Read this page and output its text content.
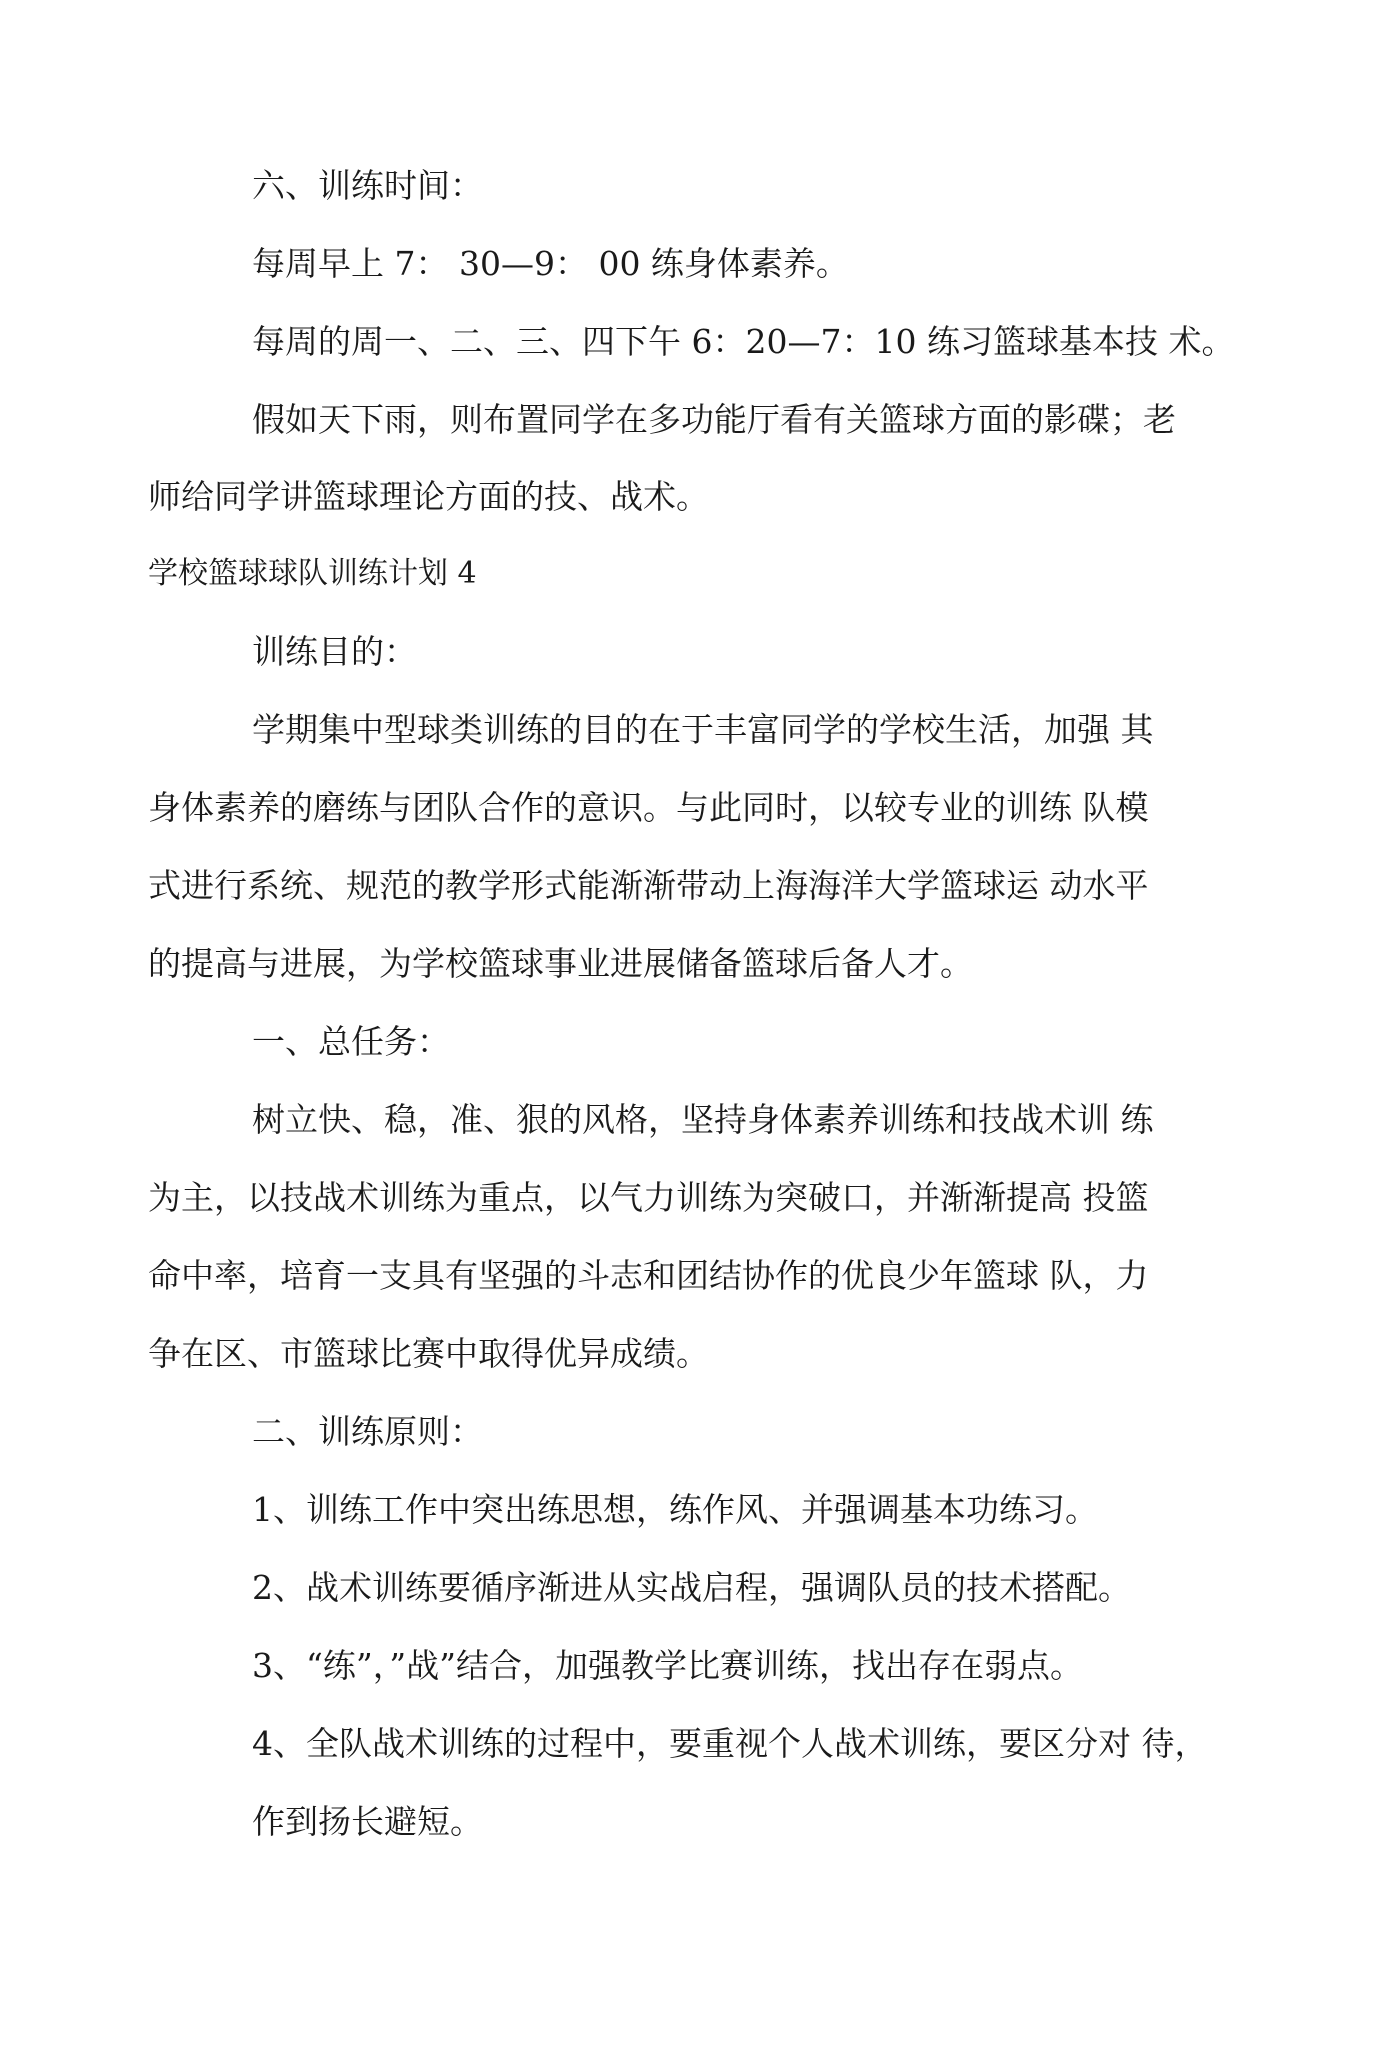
六、训练时间：
每周早上 7： 30—9： 00 练身体素养。
每周的周一、二、三、四下午 6：20—7：10 练习篮球基本技 术。
假如天下雨，则布置同学在多功能厅看有关篮球方面的影碟；老
师给同学讲篮球理论方面的技、战术。
学校篮球球队训练计划 4
训练目的：
学期集中型球类训练的目的在于丰富同学的学校生活，加强 其
身体素养的磨练与团队合作的意识。与此同时，以较专业的训练 队模
式进行系统、规范的教学形式能渐渐带动上海海洋大学篮球运 动水平
的提高与进展，为学校篮球事业进展储备篮球后备人才。
一、总任务：
树立快、稳，准、狠的风格，坚持身体素养训练和技战术训 练
为主，以技战术训练为重点，以气力训练为突破口，并渐渐提高 投篮
命中率，培育一支具有坚强的斗志和团结协作的优良少年篮球 队，力
争在区、市篮球比赛中取得优异成绩。
二、训练原则：
1、训练工作中突出练思想，练作风、并强调基本功练习。
2、战术训练要循序渐进从实战启程，强调队员的技术搭配。
3、“练”，”战”结合，加强教学比赛训练，找出存在弱点。
4、全队战术训练的过程中，要重视个人战术训练，要区分对 待，
作到扬长避短。
